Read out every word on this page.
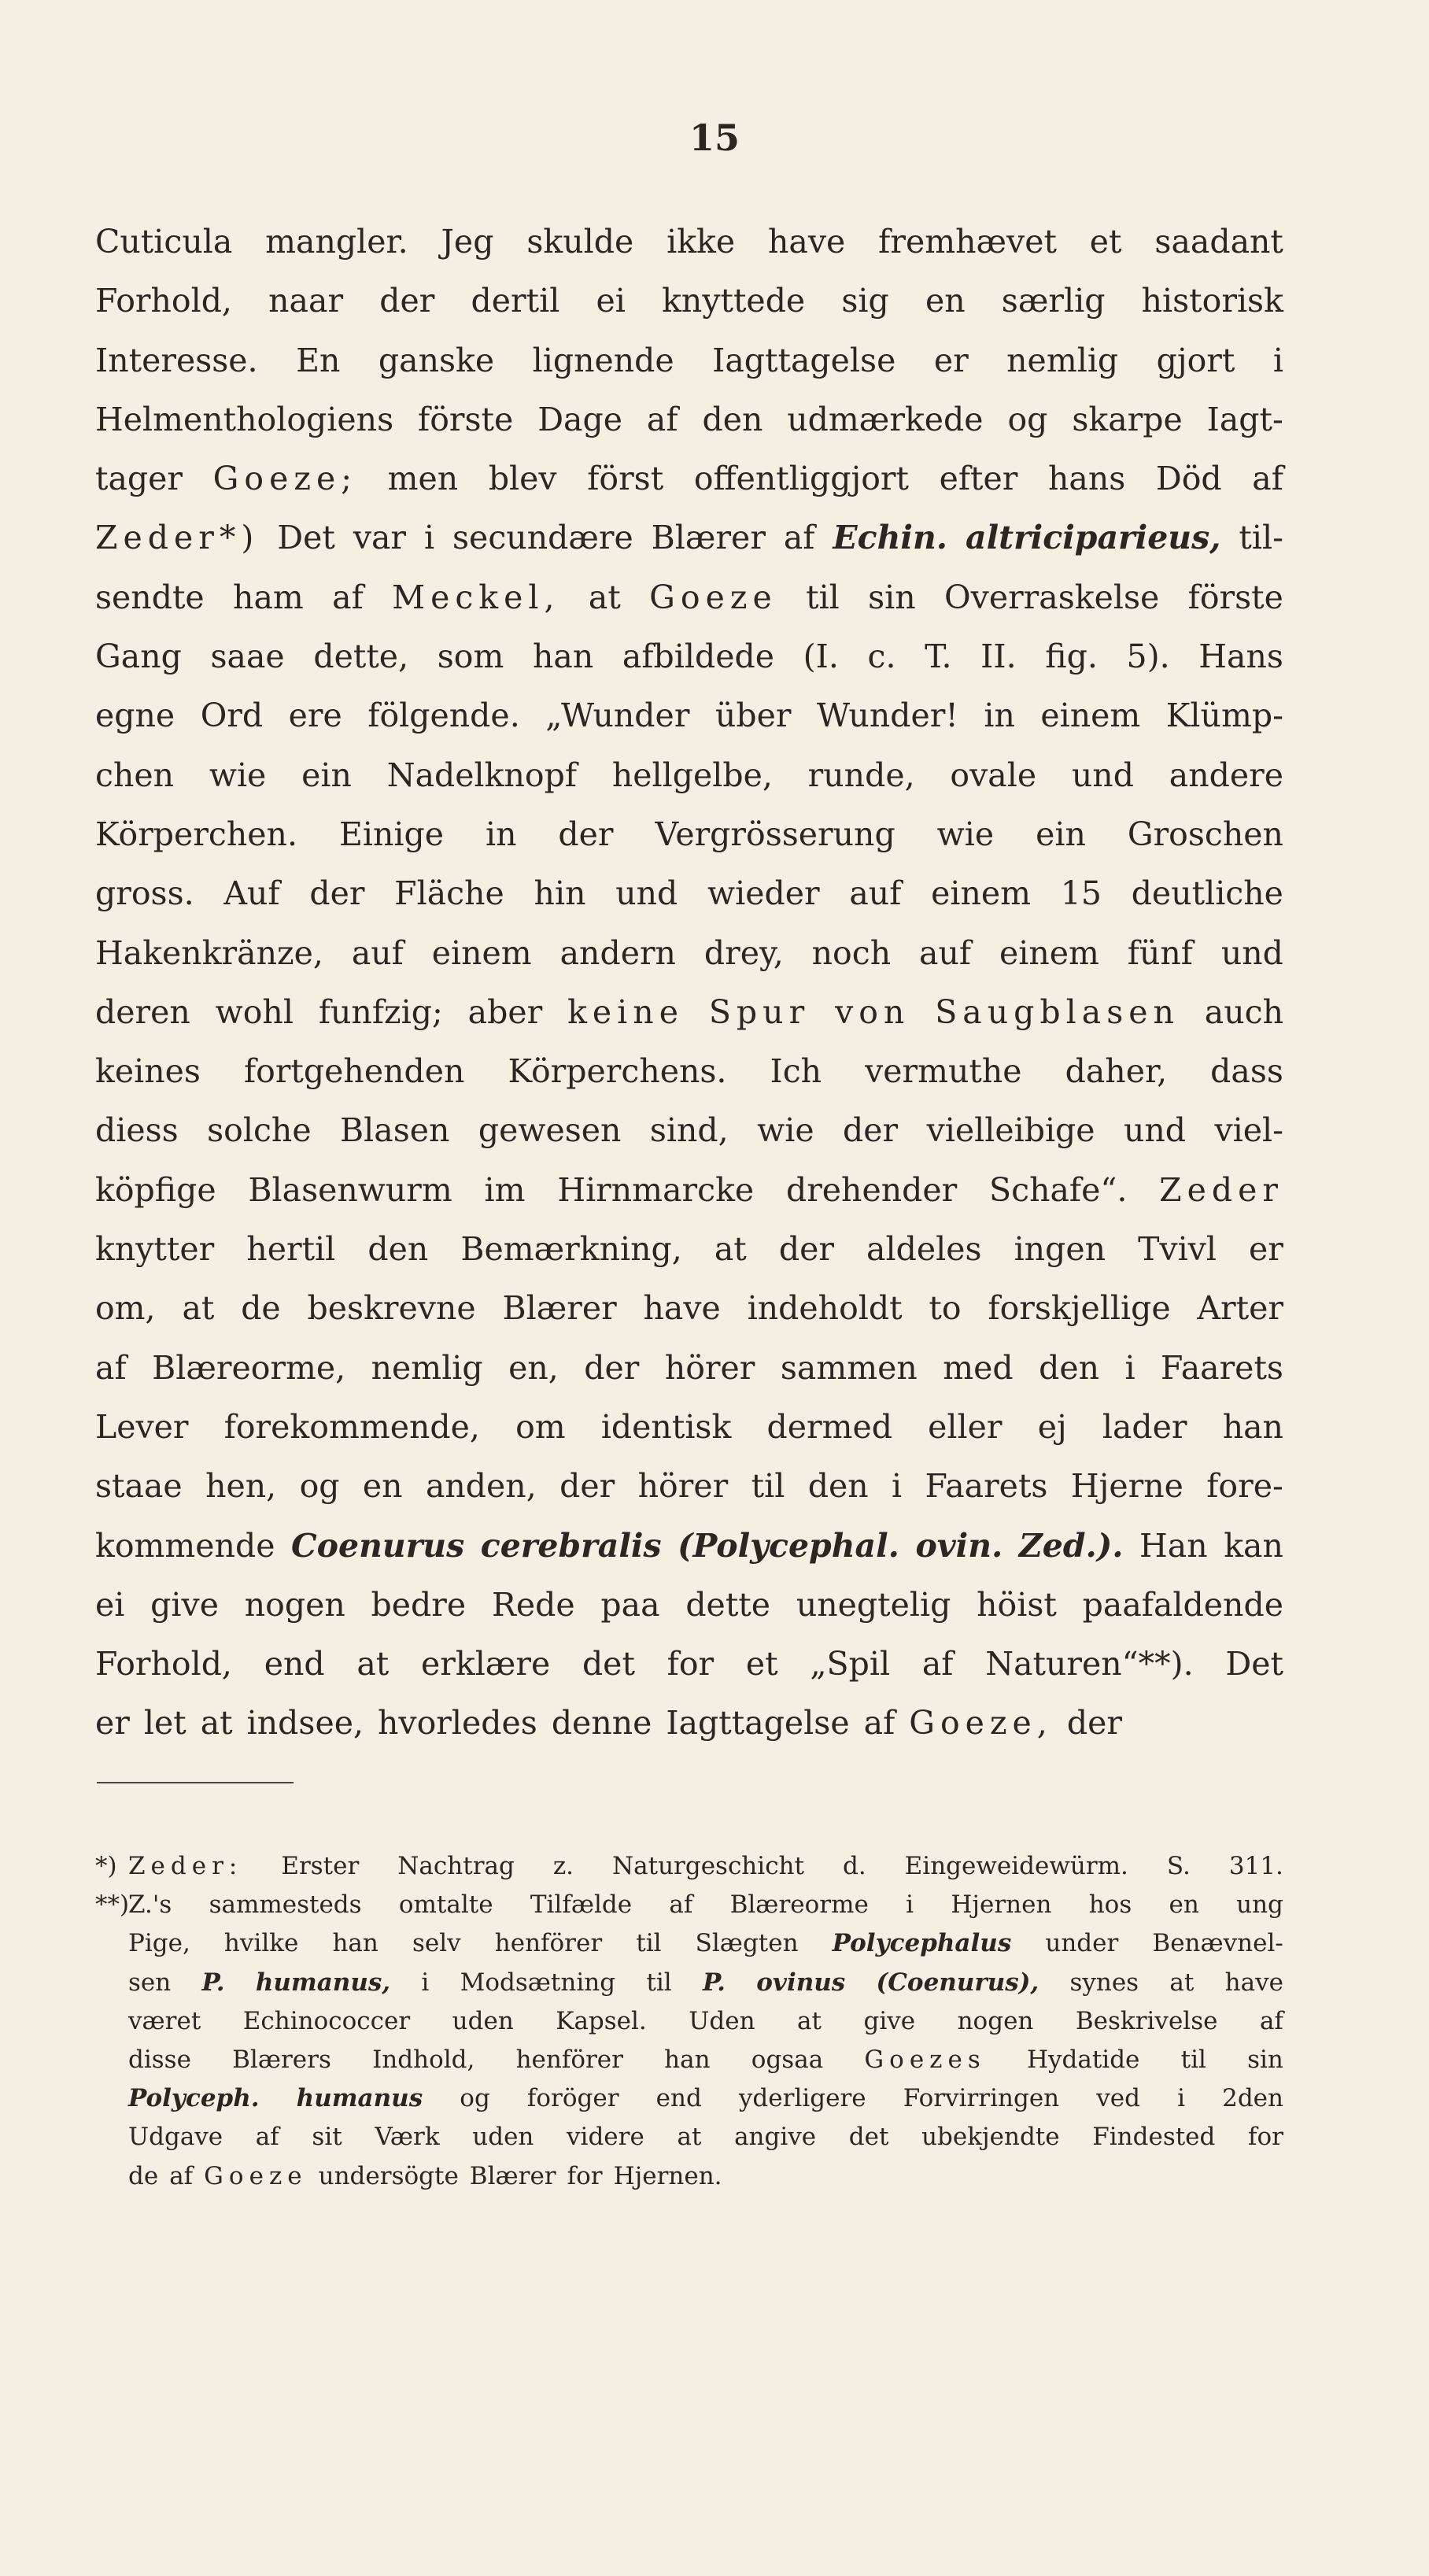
15
Cuticula mangler. Jeg skulde ikke have fremhævet et saadant
Forhold, naar der dertil ei knyttede sig en særlig historisk
Interesse. En ganske lignende Iagttagelse er nemlig gjort i
Helmenthologiens förste Dage af den udmærkede og skarpe Iagt-
tager Goeze; men blev först offentliggjort efter hans Död af
Zeder*) Det var i secundære Blærer af Echin. altriciparieus, til-
sendte ham af Meckel, at Goeze til sin Overraskelse förste
Gang saae dette, som han afbildede (I. c. T. II. fig. 5). Hans
egne Ord ere fölgende. „Wunder über Wunder! in einem Klümp-
chen wie ein Nadelknopf hellgelbe, runde, ovale und andere
Körperchen. Einige in der Vergrösserung wie ein Groschen
gross. Auf der Fläche hin und wieder auf einem 15 deutliche
Hakenkränze, auf einem andern drey, noch auf einem fünf und
deren wohl funfzig; aber keine Spur von Saugblasen auch
keines fortgehenden Körperchens. Ich vermuthe daher, dass
diess solche Blasen gewesen sind, wie der vielleibige und viel-
köpfige Blasenwurm im Hirnmarcke drehender Schafe“. Zeder
knytter hertil den Bemærkning, at der aldeles ingen Tvivl er
om, at de beskrevne Blærer have indeholdt to forskjellige Arter
af Blæreorme, nemlig en, der hörer sammen med den i Faarets
Lever forekommende, om identisk dermed eller ej lader han
staae hen, og en anden, der hörer til den i Faarets Hjerne fore-
kommende Coenurus cerebralis (Polycephal. ovin. Zed.). Han kan
ei give nogen bedre Rede paa dette unegtelig höist paafaldende
Forhold, end at erklære det for et „Spil af Naturen“**). Det
er let at indsee, hvorledes denne Iagttagelse af Goeze, der
*) Zeder: Erster Nachtrag z. Naturgeschicht d. Eingeweidewürm. S. 311.
**)
Z.'s sammesteds omtalte Tilfælde af Blæreorme i Hjernen hos en ung
Pige, hvilke han selv henförer til Slægten Polycephalus under Benævnel-
sen P. humanus, i Modsætning til P. ovinus (Coenurus), synes at have
været Echinococcer uden Kapsel. Uden at give nogen Beskrivelse af
disse Blærers Indhold, henförer han ogsaa Goezes Hydatide til sin
Polyceph. humanus og foröger end yderligere Forvirringen ved i 2den
Udgave af sit Værk uden videre at angive det ubekjendte Findested for
de af Goeze undersögte Blærer for Hjernen.
